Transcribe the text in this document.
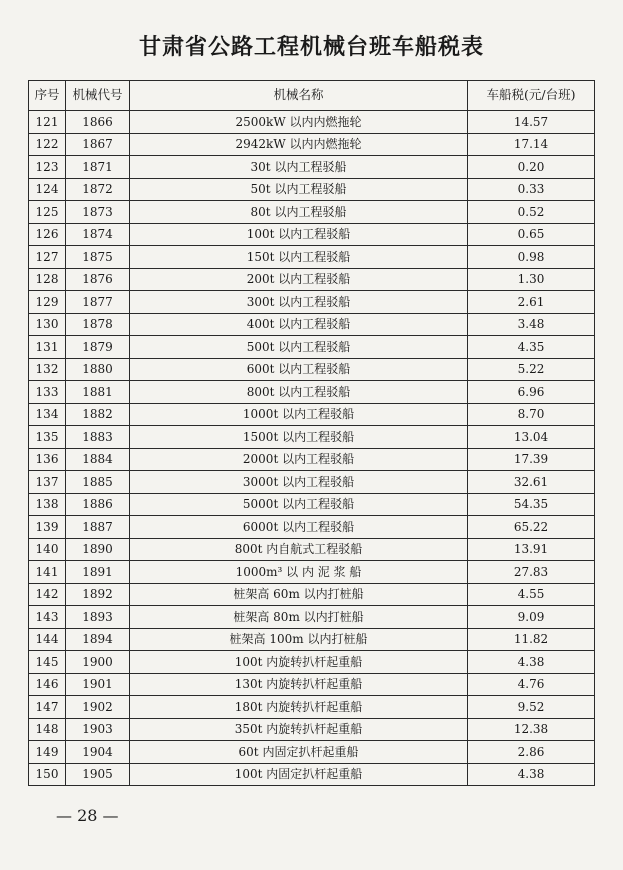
甘肃省公路工程机械台班车船税表
序号	机械代号	机械名称	车船税(元/台班)
121	1866	2500kW 以内内燃拖轮	14.57
122	1867	2942kW 以内内燃拖轮	17.14
123	1871	30t 以内工程驳船	0.20
124	1872	50t 以内工程驳船	0.33
125	1873	80t 以内工程驳船	0.52
126	1874	100t 以内工程驳船	0.65
127	1875	150t 以内工程驳船	0.98
128	1876	200t 以内工程驳船	1.30
129	1877	300t 以内工程驳船	2.61
130	1878	400t 以内工程驳船	3.48
131	1879	500t 以内工程驳船	4.35
132	1880	600t 以内工程驳船	5.22
133	1881	800t 以内工程驳船	6.96
134	1882	1000t 以内工程驳船	8.70
135	1883	1500t 以内工程驳船	13.04
136	1884	2000t 以内工程驳船	17.39
137	1885	3000t 以内工程驳船	32.61
138	1886	5000t 以内工程驳船	54.35
139	1887	6000t 以内工程驳船	65.22
140	1890	800t 内自航式工程驳船	13.91
141	1891	1000m³ 以 内 泥 浆 船	27.83
142	1892	桩架高 60m 以内打桩船	4.55
143	1893	桩架高 80m 以内打桩船	9.09
144	1894	桩架高 100m 以内打桩船	11.82
145	1900	100t 内旋转扒杆起重船	4.38
146	1901	130t 内旋转扒杆起重船	4.76
147	1902	180t 内旋转扒杆起重船	9.52
148	1903	350t 内旋转扒杆起重船	12.38
149	1904	60t 内固定扒杆起重船	2.86
150	1905	100t 内固定扒杆起重船	4.38
— 28 —
